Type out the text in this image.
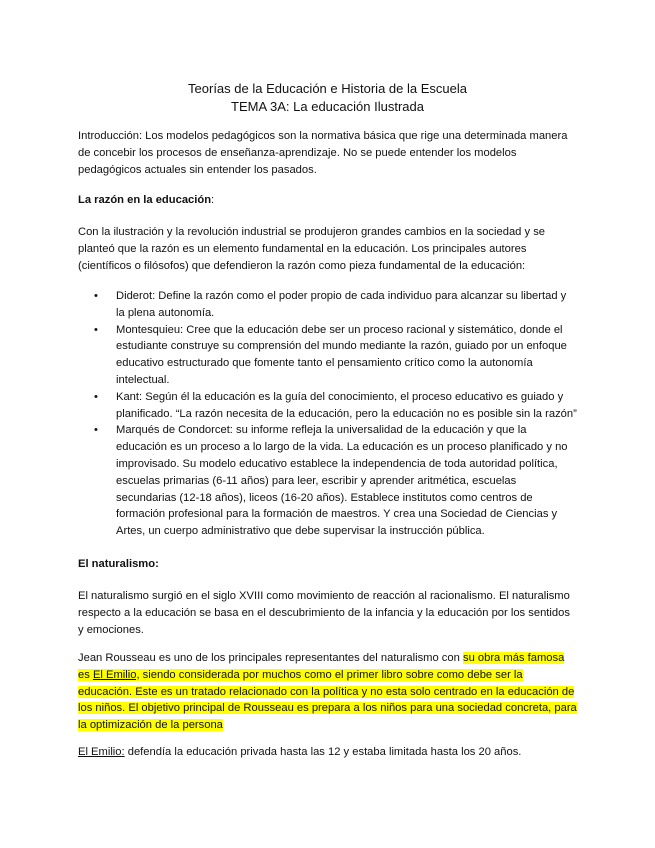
Teorías de la Educación e Historia de la Escuela
TEMA 3A: La educación Ilustrada

Introducción: Los modelos pedagógicos son la normativa básica que rige una determinada manera de concebir los procesos de enseñanza-aprendizaje. No se puede entender los modelos pedagógicos actuales sin entender los pasados.

La razón en la educación:

Con la ilustración y la revolución industrial se produjeron grandes cambios en la sociedad y se planteó que la razón es un elemento fundamental en la educación. Los principales autores (científicos o filósofos) que defendieron la razón como pieza fundamental de la educación:

• Diderot: Define la razón como el poder propio de cada individuo para alcanzar su libertad y la plena autonomía.
• Montesquieu: Cree que la educación debe ser un proceso racional y sistemático, donde el estudiante construye su comprensión del mundo mediante la razón, guiado por un enfoque educativo estructurado que fomente tanto el pensamiento crítico como la autonomía intelectual.
• Kant: Según él la educación es la guía del conocimiento, el proceso educativo es guiado y planificado. “La razón necesita de la educación, pero la educación no es posible sin la razón”
• Marqués de Condorcet: su informe refleja la universalidad de la educación y que la educación es un proceso a lo largo de la vida. La educación es un proceso planificado y no improvisado. Su modelo educativo establece la independencia de toda autoridad política, escuelas primarias (6-11 años) para leer, escribir y aprender aritmética, escuelas secundarias (12-18 años), liceos (16-20 años). Establece institutos como centros de formación profesional para la formación de maestros. Y crea una Sociedad de Ciencias y Artes, un cuerpo administrativo que debe supervisar la instrucción pública.

El naturalismo:

El naturalismo surgió en el siglo XVIII como movimiento de reacción al racionalismo. El naturalismo respecto a la educación se basa en el descubrimiento de la infancia y la educación por los sentidos y emociones.

Jean Rousseau es uno de los principales representantes del naturalismo con su obra más famosa es El Emilio, siendo considerada por muchos como el primer libro sobre como debe ser la educación. Este es un tratado relacionado con la política y no esta solo centrado en la educación de los niños. El objetivo principal de Rousseau es prepara a los niños para una sociedad concreta, para la optimización de la persona

El Emilio: defendía la educación privada hasta las 12 y estaba limitada hasta los 20 años.
